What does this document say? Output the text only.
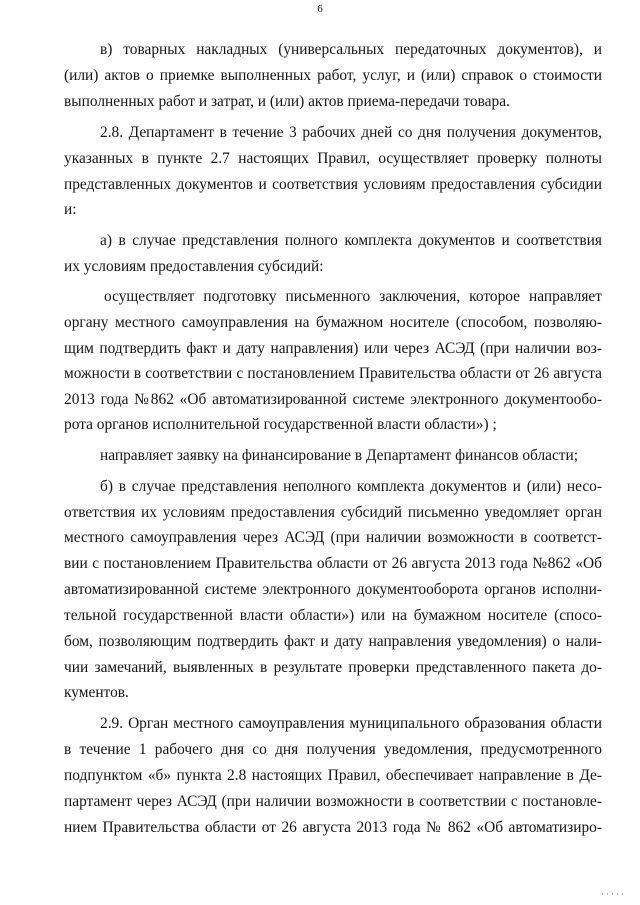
6
в) товарных накладных (универсальных передаточных документов), и
(или) актов о приемке выполненных работ, услуг, и (или) справок о стоимости
выполненных работ и затрат, и (или) актов приема-передачи товара.
2.8. Департамент в течение 3 рабочих дней со дня получения документов,
указанных в пункте 2.7 настоящих Правил, осуществляет проверку полноты
представленных документов и соответствия условиям предоставления субсидии
и:
а) в случае представления полного комплекта документов и соответствия
их условиям предоставления субсидий:
осуществляет подготовку письменного заключения, которое направляет
органу местного самоуправления на бумажном носителе (способом, позволяю-
щим подтвердить факт и дату направления) или через АСЭД (при наличии воз-
можности в соответствии с постановлением Правительства области от 26 августа
2013 года №862 «Об автоматизированной системе электронного документообо-
рота органов исполнительной государственной власти области») ;
направляет заявку на финансирование в Департамент финансов области;
б) в случае представления неполного комплекта документов и (или) несо-
ответствия их условиям предоставления субсидий письменно уведомляет орган
местного самоуправления через АСЭД (при наличии возможности в соответст-
вии с постановлением Правительства области от 26 августа 2013 года №862 «Об
автоматизированной системе электронного документооборота органов исполни-
тельной государственной власти области») или на бумажном носителе (спосо-
бом, позволяющим подтвердить факт и дату направления уведомления) о нали-
чии замечаний, выявленных в результате проверки представленного пакета до-
кументов.
2.9. Орган местного самоуправления муниципального образования области
в течение 1 рабочего дня со дня получения уведомления, предусмотренного
подпунктом «б» пункта 2.8 настоящих Правил, обеспечивает направление в Де-
партамент через АСЭД (при наличии возможности в соответствии с постановле-
нием Правительства области от 26 августа 2013 года № 862 «Об автоматизиро-
·····
